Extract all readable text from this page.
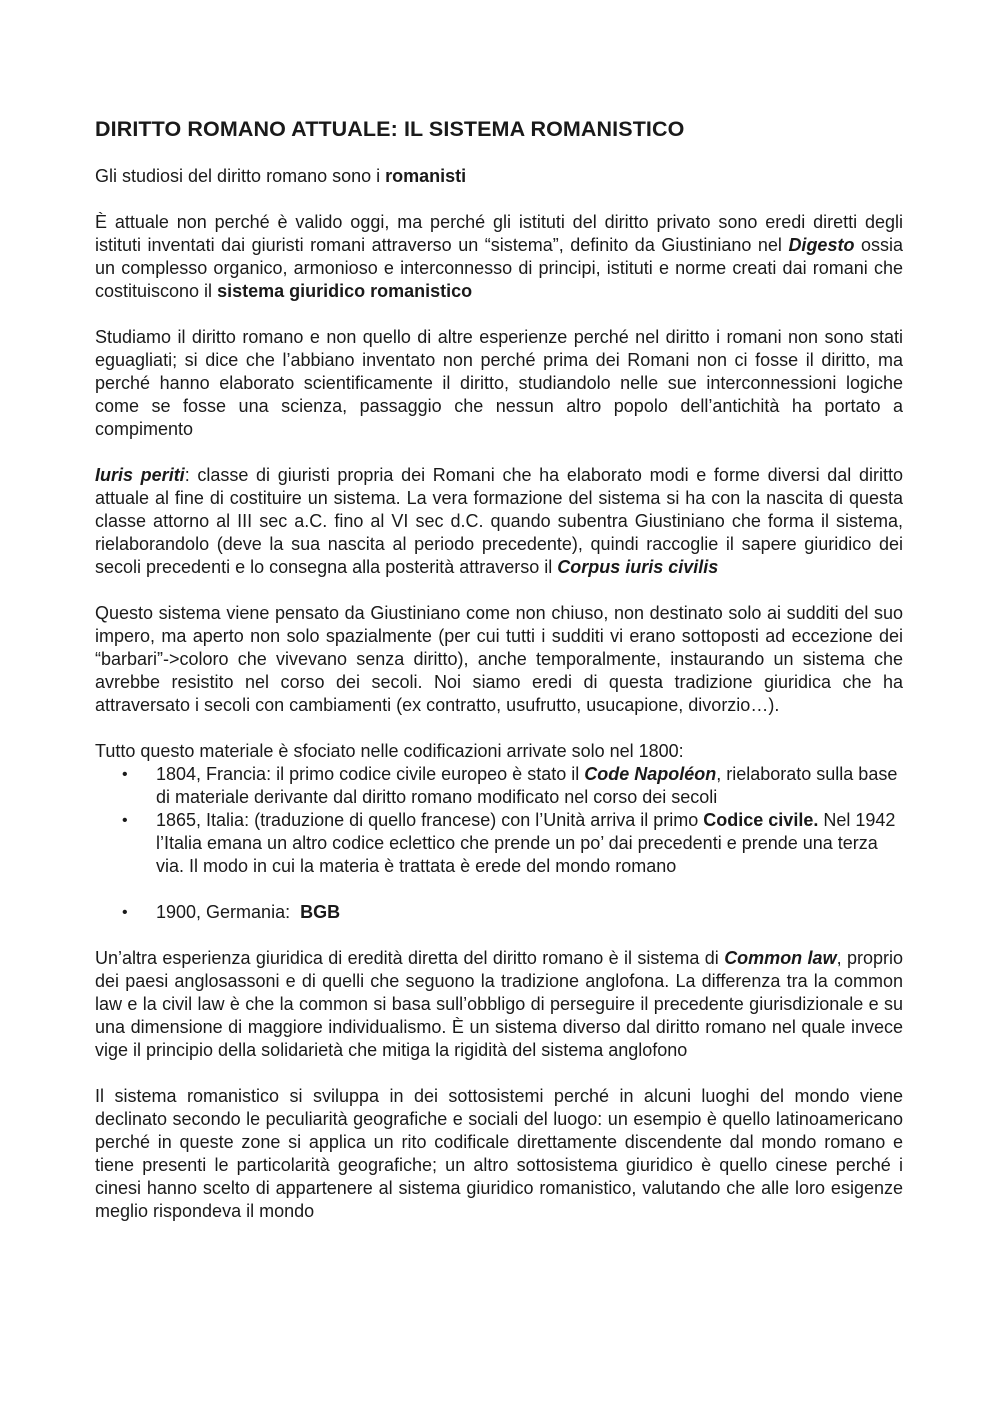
DIRITTO ROMANO ATTUALE: IL SISTEMA ROMANISTICO

Gli studiosi del diritto romano sono i romanisti

È attuale non perché è valido oggi, ma perché gli istituti del diritto privato sono eredi diretti degli istituti inventati dai giuristi romani attraverso un “sistema”, definito da Giustiniano nel Digesto ossia un complesso organico, armonioso e interconnesso di principi, istituti e norme creati dai romani che costituiscono il sistema giuridico romanistico

Studiamo il diritto romano e non quello di altre esperienze perché nel diritto i romani non sono stati eguagliati; si dice che l’abbiano inventato non perché prima dei Romani non ci fosse il diritto, ma perché hanno elaborato scientificamente il diritto, studiandolo nelle sue interconnessioni logiche come se fosse una scienza, passaggio che nessun altro popolo dell’antichità ha portato a compimento

Iuris periti: classe di giuristi propria dei Romani che ha elaborato modi e forme diversi dal diritto attuale al fine di costituire un sistema. La vera formazione del sistema si ha con la nascita di questa classe attorno al III sec a.C. fino al VI sec d.C. quando subentra Giustiniano che forma il sistema, rielaborandolo (deve la sua nascita al periodo precedente), quindi raccoglie il sapere giuridico dei secoli precedenti e lo consegna alla posterità attraverso il Corpus iuris civilis

Questo sistema viene pensato da Giustiniano come non chiuso, non destinato solo ai sudditi del suo impero, ma aperto non solo spazialmente (per cui tutti i sudditi vi erano sottoposti ad eccezione dei “barbari”->coloro che vivevano senza diritto), anche temporalmente, instaurando un sistema che avrebbe resistito nel corso dei secoli. Noi siamo eredi di questa tradizione giuridica che ha attraversato i secoli con cambiamenti (ex contratto, usufrutto, usucapione, divorzio…).

Tutto questo materiale è sfociato nelle codificazioni arrivate solo nel 1800:

• 1804, Francia: il primo codice civile europeo è stato il Code Napoléon, rielaborato sulla base di materiale derivante dal diritto romano modificato nel corso dei secoli
• 1865, Italia: (traduzione di quello francese) con l’Unità arriva il primo Codice civile. Nel 1942 l’Italia emana un altro codice eclettico che prende un po’ dai precedenti e prende una terza via. Il modo in cui la materia è trattata è erede del mondo romano
• 1900, Germania:  BGB

Un’altra esperienza giuridica di eredità diretta del diritto romano è il sistema di Common law, proprio dei paesi anglosassoni e di quelli che seguono la tradizione anglofona. La differenza tra la common law e la civil law è che la common si basa sull’obbligo di perseguire il precedente giurisdizionale e su una dimensione di maggiore individualismo. È un sistema diverso dal diritto romano nel quale invece vige il principio della solidarietà che mitiga la rigidità del sistema anglofono

Il sistema romanistico si sviluppa in dei sottosistemi perché in alcuni luoghi del mondo viene declinato secondo le peculiarità geografiche e sociali del luogo: un esempio è quello latinoamericano perché in queste zone si applica un rito codificale direttamente discendente dal mondo romano e tiene presenti le particolarità geografiche; un altro sottosistema giuridico è quello cinese perché i cinesi hanno scelto di appartenere al sistema giuridico romanistico, valutando che alle loro esigenze meglio rispondeva il mondo
